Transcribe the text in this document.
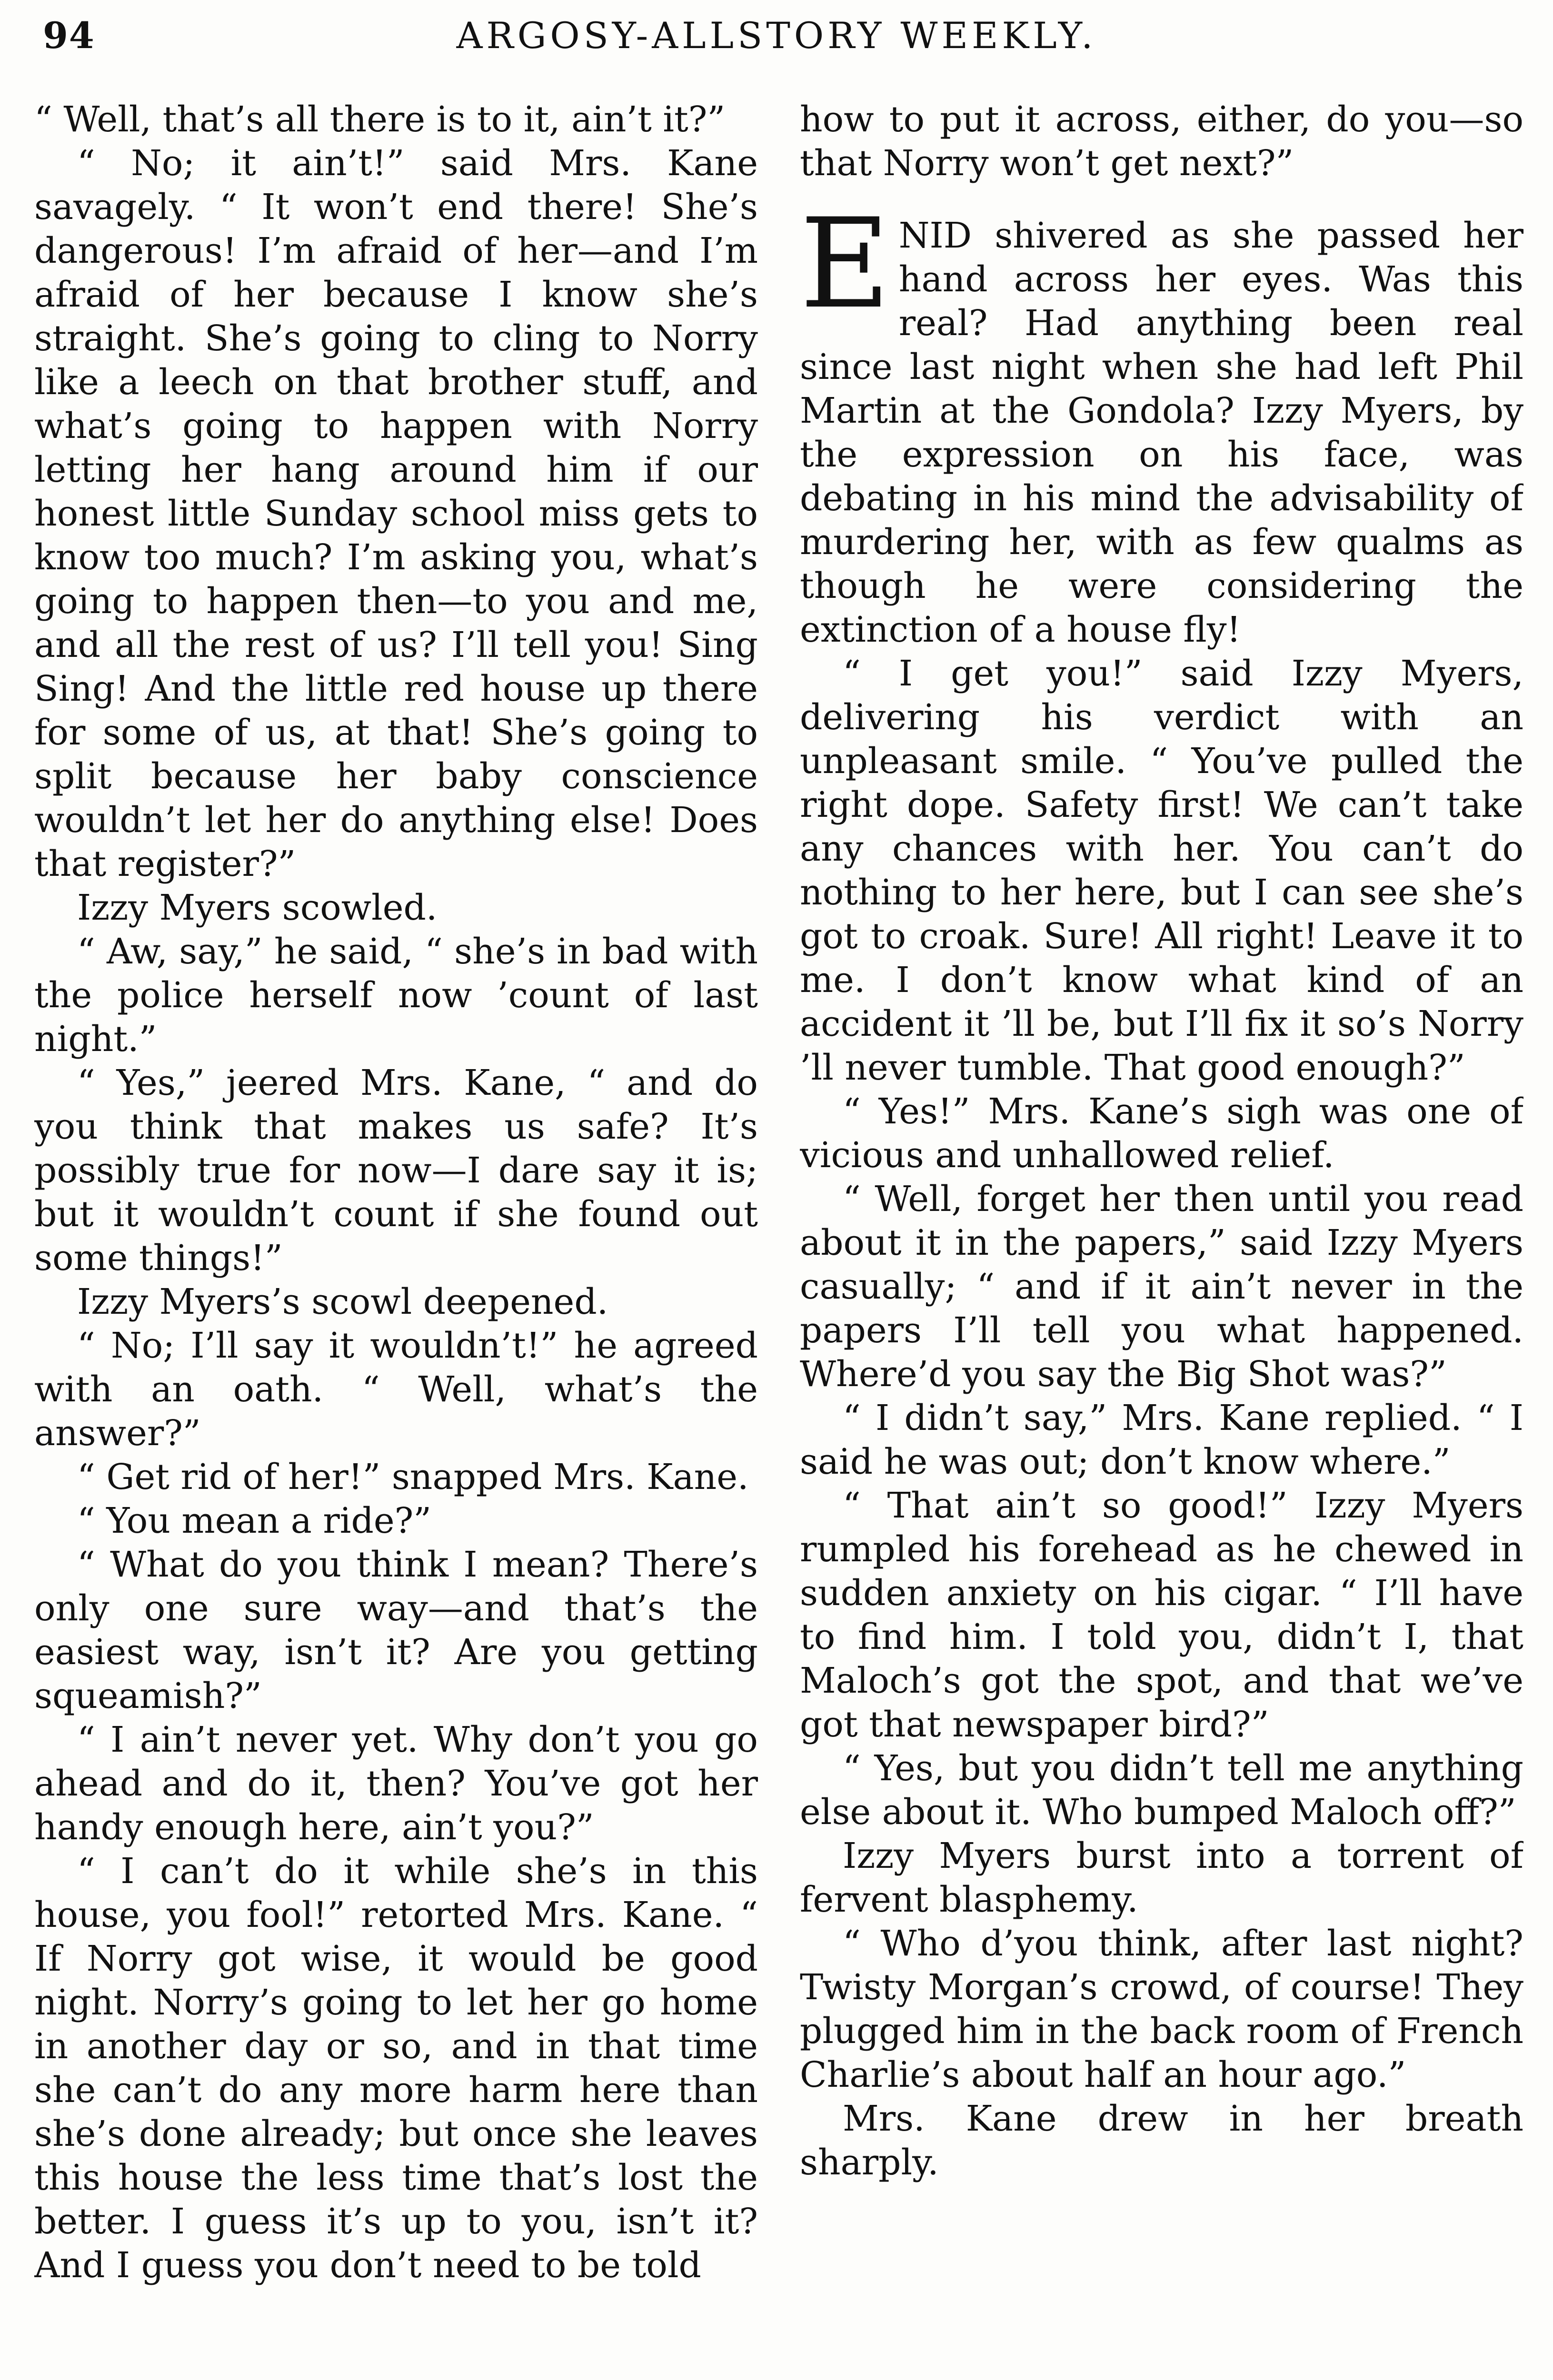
94	ARGOSY-ALLSTORY WEEKLY.

“ Well, that’s all there is to it, ain’t it?”

“ No; it ain’t!” said Mrs. Kane savagely. “ It won’t end there! She’s dangerous! I’m afraid of her—and I’m afraid of her because I know she’s straight. She’s going to cling to Norry like a leech on that brother stuff, and what’s going to happen with Norry letting her hang around him if our honest little Sunday school miss gets to know too much? I’m asking you, what’s going to happen then—to you and me, and all the rest of us? I’ll tell you! Sing Sing! And the little red house up there for some of us, at that! She’s going to split because her baby conscience wouldn’t let her do anything else! Does that register?”

Izzy Myers scowled.

“ Aw, say,” he said, “ she’s in bad with the police herself now ’count of last night.”

“ Yes,” jeered Mrs. Kane, “ and do you think that makes us safe? It’s possibly true for now—I dare say it is; but it wouldn’t count if she found out some things!”

Izzy Myers’s scowl deepened.

“ No; I’ll say it wouldn’t!” he agreed with an oath. “ Well, what’s the answer?”

“ Get rid of her!” snapped Mrs. Kane.

“ You mean a ride?”

“ What do you think I mean? There’s only one sure way—and that’s the easiest way, isn’t it? Are you getting squeamish?”

“ I ain’t never yet. Why don’t you go ahead and do it, then? You’ve got her handy enough here, ain’t you?”

“ I can’t do it while she’s in this house, you fool!” retorted Mrs. Kane. “ If Norry got wise, it would be good night. Norry’s going to let her go home in another day or so, and in that time she can’t do any more harm here than she’s done already; but once she leaves this house the less time that’s lost the better. I guess it’s up to you, isn’t it? And I guess you don’t need to be told

how to put it across, either, do you—so that Norry won’t get next?”

ENID shivered as she passed her hand across her eyes. Was this real? Had anything been real since last night when she had left Phil Martin at the Gondola? Izzy Myers, by the expression on his face, was debating in his mind the advisability of murdering her, with as few qualms as though he were considering the extinction of a house fly!

“ I get you!” said Izzy Myers, delivering his verdict with an unpleasant smile. “ You’ve pulled the right dope. Safety first! We can’t take any chances with her. You can’t do nothing to her here, but I can see she’s got to croak. Sure! All right! Leave it to me. I don’t know what kind of an accident it ’ll be, but I’ll fix it so’s Norry ’ll never tumble. That good enough?”

“ Yes!” Mrs. Kane’s sigh was one of vicious and unhallowed relief.

“ Well, forget her then until you read about it in the papers,” said Izzy Myers casually; “ and if it ain’t never in the papers I’ll tell you what happened. Where’d you say the Big Shot was?”

“ I didn’t say,” Mrs. Kane replied. “ I said he was out; don’t know where.”

“ That ain’t so good!” Izzy Myers rumpled his forehead as he chewed in sudden anxiety on his cigar. “ I’ll have to find him. I told you, didn’t I, that Maloch’s got the spot, and that we’ve got that newspaper bird?”

“ Yes, but you didn’t tell me anything else about it. Who bumped Maloch off?”

Izzy Myers burst into a torrent of fervent blasphemy.

“ Who d’you think, after last night? Twisty Morgan’s crowd, of course! They plugged him in the back room of French Charlie’s about half an hour ago.”

Mrs. Kane drew in her breath sharply.
